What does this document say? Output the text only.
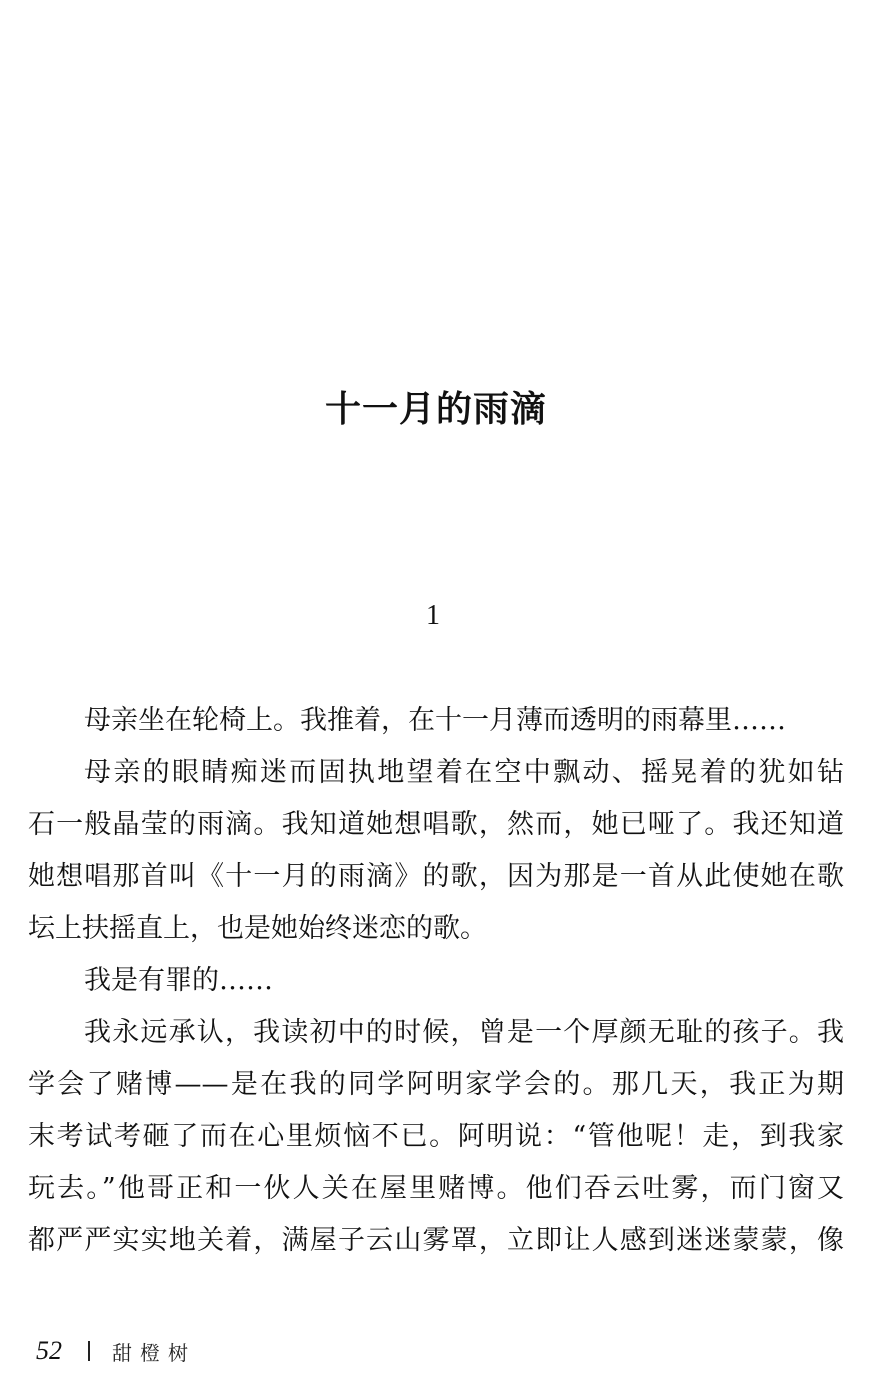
十一月的雨滴
1
母亲坐在轮椅上。我推着，在十一月薄而透明的雨幕里……
母亲的眼睛痴迷而固执地望着在空中飘动、摇晃着的犹如钻
石一般晶莹的雨滴。我知道她想唱歌，然而，她已哑了。我还知道
她想唱那首叫《十一月的雨滴》的歌，因为那是一首从此使她在歌
坛上扶摇直上，也是她始终迷恋的歌。
我是有罪的……
我永远承认，我读初中的时候，曾是一个厚颜无耻的孩子。我
学会了赌博——是在我的同学阿明家学会的。那几天，我正为期
末考试考砸了而在心里烦恼不已。阿明说：“管他呢！走，到我家
玩去。”他哥正和一伙人关在屋里赌博。他们吞云吐雾，而门窗又
都严严实实地关着，满屋子云山雾罩，立即让人感到迷迷蒙蒙，像
52	甜橙树
